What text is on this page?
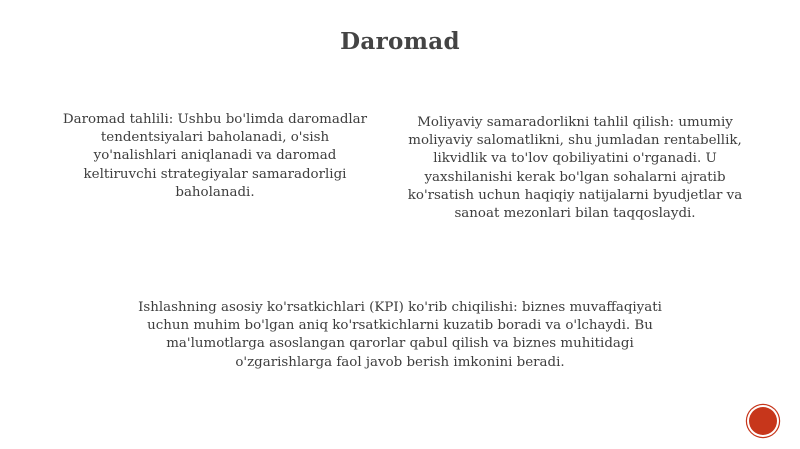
Daromad
Daromad tahlili: Ushbu bo'limda daromadlar tendentsiyalari baholanadi, o'sish yo'nalishlari aniqlanadi va daromad keltiruvchi strategiyalar samaradorligi baholanadi.
Moliyaviy samaradorlikni tahlil qilish: umumiy moliyaviy salomatlikni, shu jumladan rentabellik, likvidlik va to'lov qobiliyatini o'rganadi. U yaxshilanishi kerak bo'lgan sohalarni ajratib ko'rsatish uchun haqiqiy natijalarni byudjetlar va sanoat mezonlari bilan taqqoslaydi.
Ishlashning asosiy ko'rsatkichlari (KPI) ko'rib chiqilishi: biznes muvaffaqiyati uchun muhim bo'lgan aniq ko'rsatkichlarni kuzatib boradi va o'lchaydi. Bu ma'lumotlarga asoslangan qarorlar qabul qilish va biznes muhitidagi o'zgarishlarga faol javob berish imkonini beradi.
